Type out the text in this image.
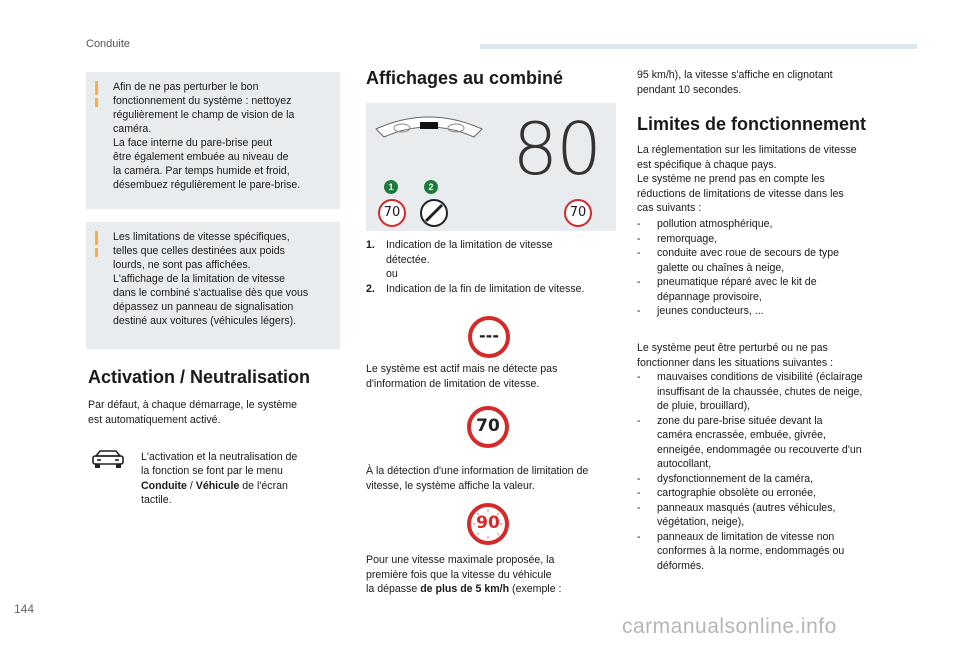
Conduite

Afin de ne pas perturber le bon
fonctionnement du système : nettoyez
régulièrement le champ de vision de la
caméra.
La face interne du pare-brise peut
être également embuée au niveau de
la caméra. Par temps humide et froid,
désembuez régulièrement le pare-brise.

Les limitations de vitesse spécifiques,
telles que celles destinées aux poids
lourds, ne sont pas affichées.
L'affichage de la limitation de vitesse
dans le combiné s'actualise dès que vous
dépassez un panneau de signalisation
destiné aux voitures (véhicules légers).

Activation / Neutralisation
Par défaut, à chaque démarrage, le système
est automatiquement activé.

L'activation et la neutralisation de
la fonction se font par le menu
Conduite / Véhicule de l'écran
tactile.

Affichages au combiné
80
1	2
70	70
1. Indication de la limitation de vitesse
détectée.
ou
2. Indication de la fin de limitation de vitesse.
---
Le système est actif mais ne détecte pas
d'information de limitation de vitesse.
70
À la détection d'une information de limitation de
vitesse, le système affiche la valeur.
90
Pour une vitesse maximale proposée, la
première fois que la vitesse du véhicule
la dépasse de plus de 5 km/h (exemple :
95 km/h), la vitesse s'affiche en clignotant
pendant 10 secondes.
Limites de fonctionnement
La réglementation sur les limitations de vitesse
est spécifique à chaque pays.
Le système ne prend pas en compte les
réductions de limitations de vitesse dans les
cas suivants :
- pollution atmosphérique,
- remorquage,
- conduite avec roue de secours de type
galette ou chaînes à neige,
- pneumatique réparé avec le kit de
dépannage provisoire,
- jeunes conducteurs, ...
Le système peut être perturbé ou ne pas
fonctionner dans les situations suivantes :
- mauvaises conditions de visibilité (éclairage
insuffisant de la chaussée, chutes de neige,
de pluie, brouillard),
- zone du pare-brise située devant la
caméra encrassée, embuée, givrée,
enneigée, endommagée ou recouverte d'un
autocollant,
- dysfonctionnement de la caméra,
- cartographie obsolète ou erronée,
- panneaux masqués (autres véhicules,
végétation, neige),
- panneaux de limitation de vitesse non
conformes à la norme, endommagés ou
déformés.
144
carmanualsonline.info
